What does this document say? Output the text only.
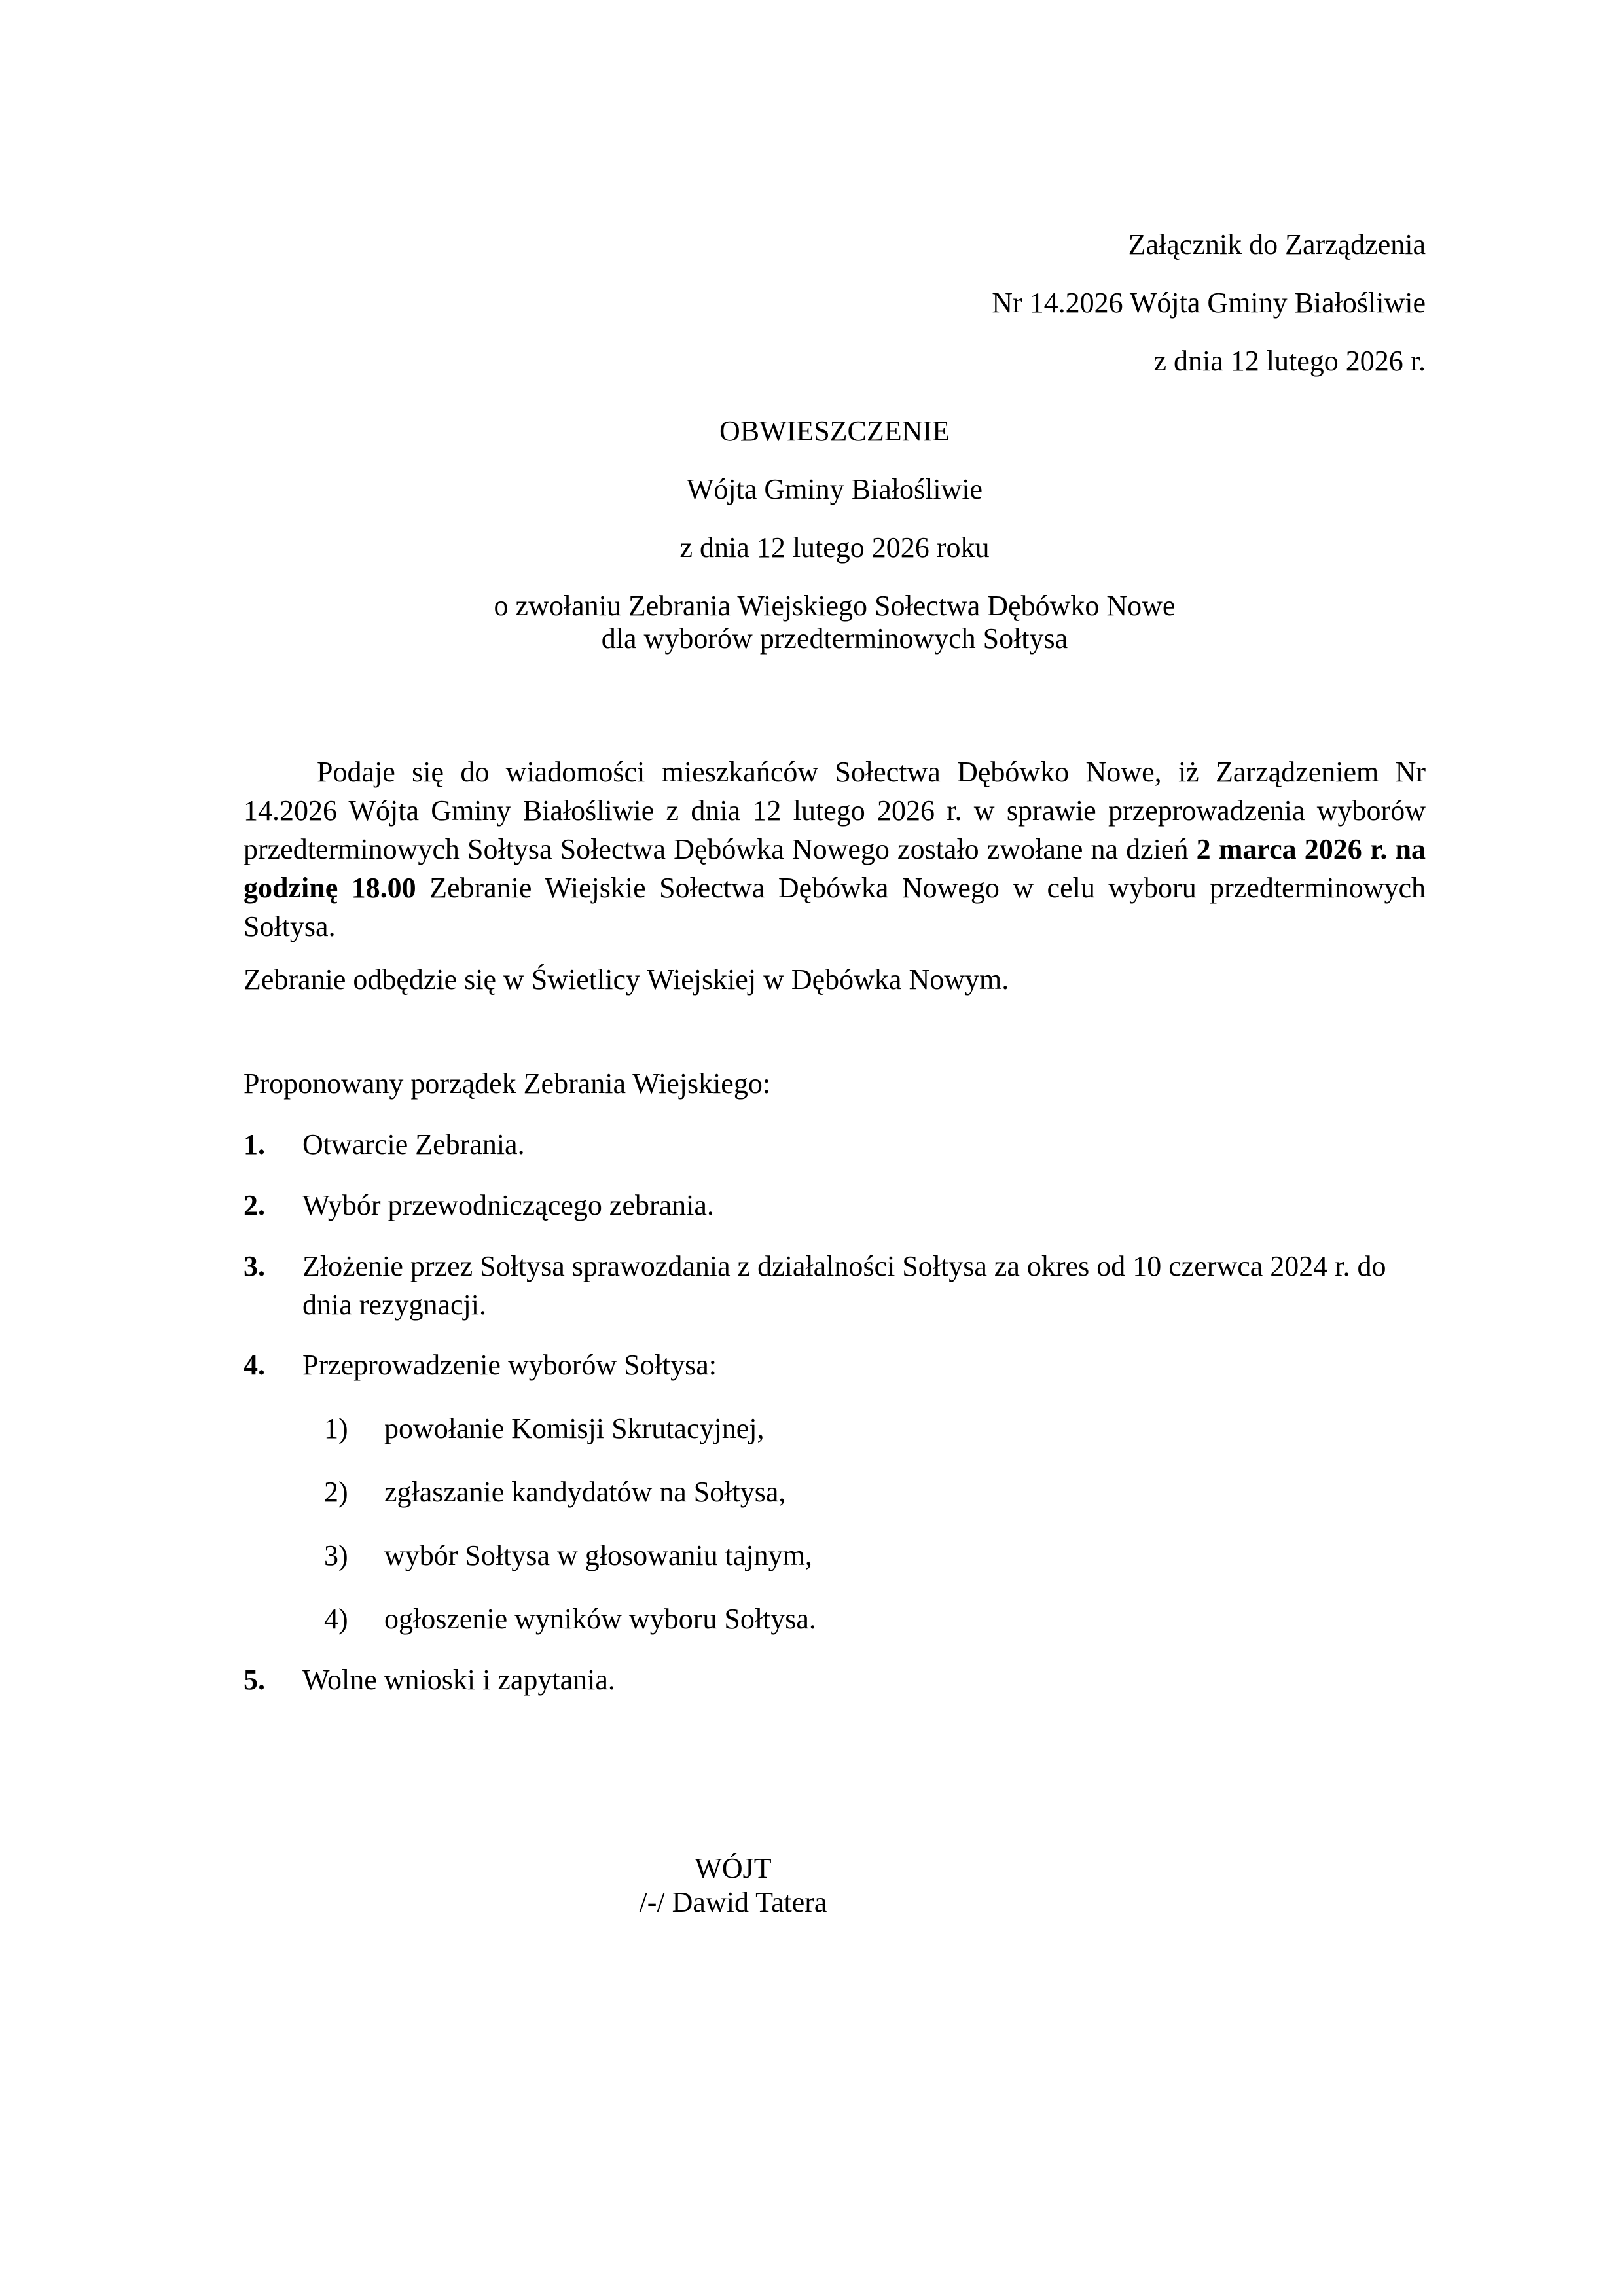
Załącznik do Zarządzenia
Nr 14.2026 Wójta Gminy Białośliwie
z dnia 12 lutego 2026 r.
OBWIESZCZENIE
Wójta Gminy Białośliwie
z dnia 12 lutego 2026 roku
o zwołaniu Zebrania Wiejskiego Sołectwa Dębówko Nowe
dla wyborów przedterminowych Sołtysa

Podaje się do wiadomości mieszkańców Sołectwa Dębówko Nowe, iż Zarządzeniem Nr 14.2026 Wójta Gminy Białośliwie z dnia 12 lutego 2026 r. w sprawie przeprowadzenia wyborów przedterminowych Sołtysa Sołectwa Dębówka Nowego zostało zwołane na dzień 2 marca 2026 r. na godzinę 18.00 Zebranie Wiejskie Sołectwa Dębówka Nowego w celu wyboru przedterminowych Sołtysa.

Zebranie odbędzie się w Świetlicy Wiejskiej w Dębówka Nowym.

Proponowany porządek Zebrania Wiejskiego:

1. Otwarcie Zebrania.
2. Wybór przewodniczącego zebrania.
3. Złożenie przez Sołtysa sprawozdania z działalności Sołtysa za okres od 10 czerwca 2024 r. do dnia rezygnacji.
4. Przeprowadzenie wyborów Sołtysa:
1) powołanie Komisji Skrutacyjnej,
2) zgłaszanie kandydatów na Sołtysa,
3) wybór Sołtysa w głosowaniu tajnym,
4) ogłoszenie wyników wyboru Sołtysa.
5. Wolne wnioski i zapytania.
WÓJT
/-/ Dawid Tatera
